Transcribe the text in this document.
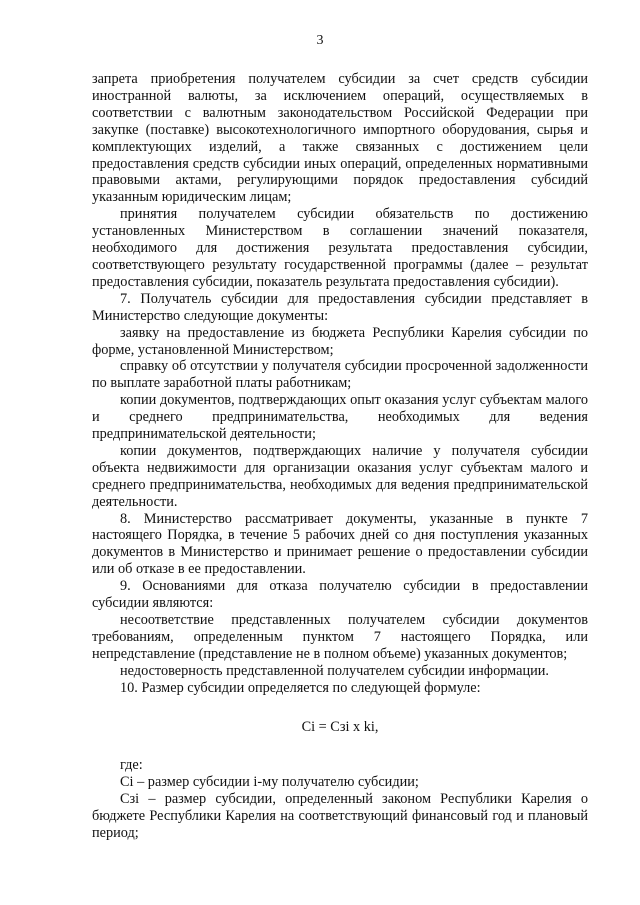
3

запрета приобретения получателем субсидии за счет средств субсидии иностранной валюты, за исключением операций, осуществляемых в соответствии с валютным законодательством Российской Федерации при закупке (поставке) высокотехнологичного импортного оборудования, сырья и комплектующих изделий, а также связанных с достижением цели предоставления средств субсидии иных операций, определенных нормативными правовыми актами, регулирующими порядок предоставления субсидий указанным юридическим лицам;

принятия получателем субсидии обязательств по достижению установленных Министерством в соглашении значений показателя, необходимого для достижения результата предоставления субсидии, соответствующего результату государственной программы (далее – результат предоставления субсидии, показатель результата предоставления субсидии).

7. Получатель субсидии для предоставления субсидии представляет в Министерство следующие документы:

заявку на предоставление из бюджета Республики Карелия субсидии по форме, установленной Министерством;

справку об отсутствии у получателя субсидии просроченной задолженности по выплате заработной платы работникам;

копии документов, подтверждающих опыт оказания услуг субъектам малого и среднего предпринимательства, необходимых для ведения предпринимательской деятельности;

копии документов, подтверждающих наличие у получателя субсидии объекта недвижимости для организации оказания услуг субъектам малого и среднего предпринимательства, необходимых для ведения предпринимательской деятельности.

8. Министерство рассматривает документы, указанные в пункте 7 настоящего Порядка, в течение 5 рабочих дней со дня поступления указанных документов в Министерство и принимает решение о предоставлении субсидии или об отказе в ее предоставлении.

9. Основаниями для отказа получателю субсидии в предоставлении субсидии являются:

несоответствие представленных получателем субсидии документов требованиям, определенным пунктом 7 настоящего Порядка, или непредставление (представление не в полном объеме) указанных документов;

недостоверность представленной получателем субсидии информации.

10. Размер субсидии определяется по следующей формуле:

Ci = Cзi x ki,

где:

Ci – размер субсидии i-му получателю субсидии;

Сзi – размер субсидии, определенный законом Республики Карелия о бюджете Республики Карелия на соответствующий финансовый год и плановый период;
